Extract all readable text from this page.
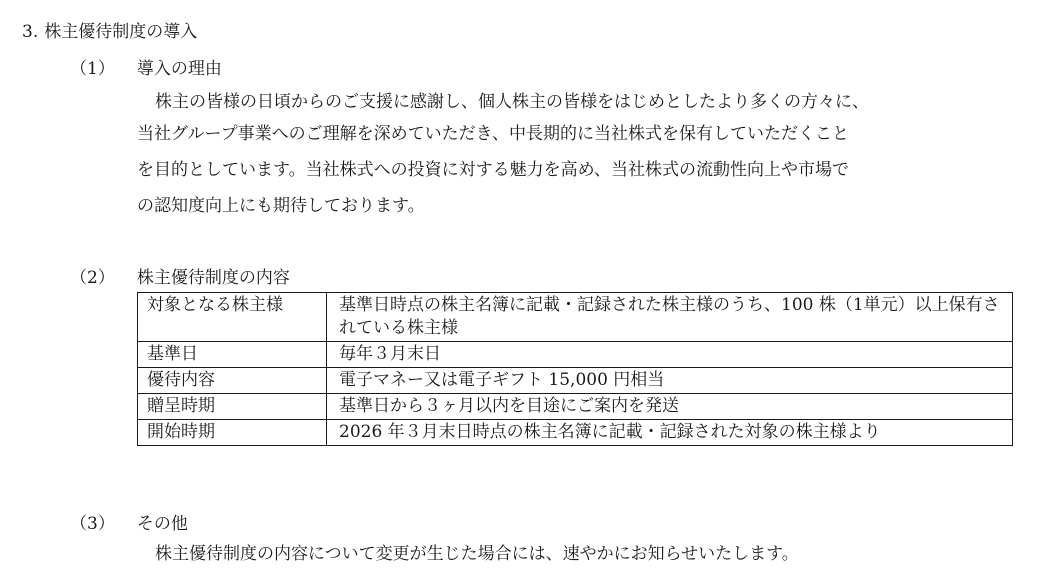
3. 株主優待制度の導入
（1） 導入の理由
株主の皆様の日頃からのご支援に感謝し、個人株主の皆様をはじめとしたより多くの方々に、
当社グループ事業へのご理解を深めていただき、中長期的に当社株式を保有していただくこと
を目的としています。当社株式への投資に対する魅力を高め、当社株式の流動性向上や市場で
の認知度向上にも期待しております。
（2） 株主優待制度の内容
対象となる株主様	基準日時点の株主名簿に記載・記録された株主様のうち、100 株（1単元）以上保有されている株主様
基準日	毎年３月末日
優待内容	電子マネー又は電子ギフト 15,000 円相当
贈呈時期	基準日から３ヶ月以内を目途にご案内を発送
開始時期	2026 年３月末日時点の株主名簿に記載・記録された対象の株主様より
（3） その他
株主優待制度の内容について変更が生じた場合には、速やかにお知らせいたします。
